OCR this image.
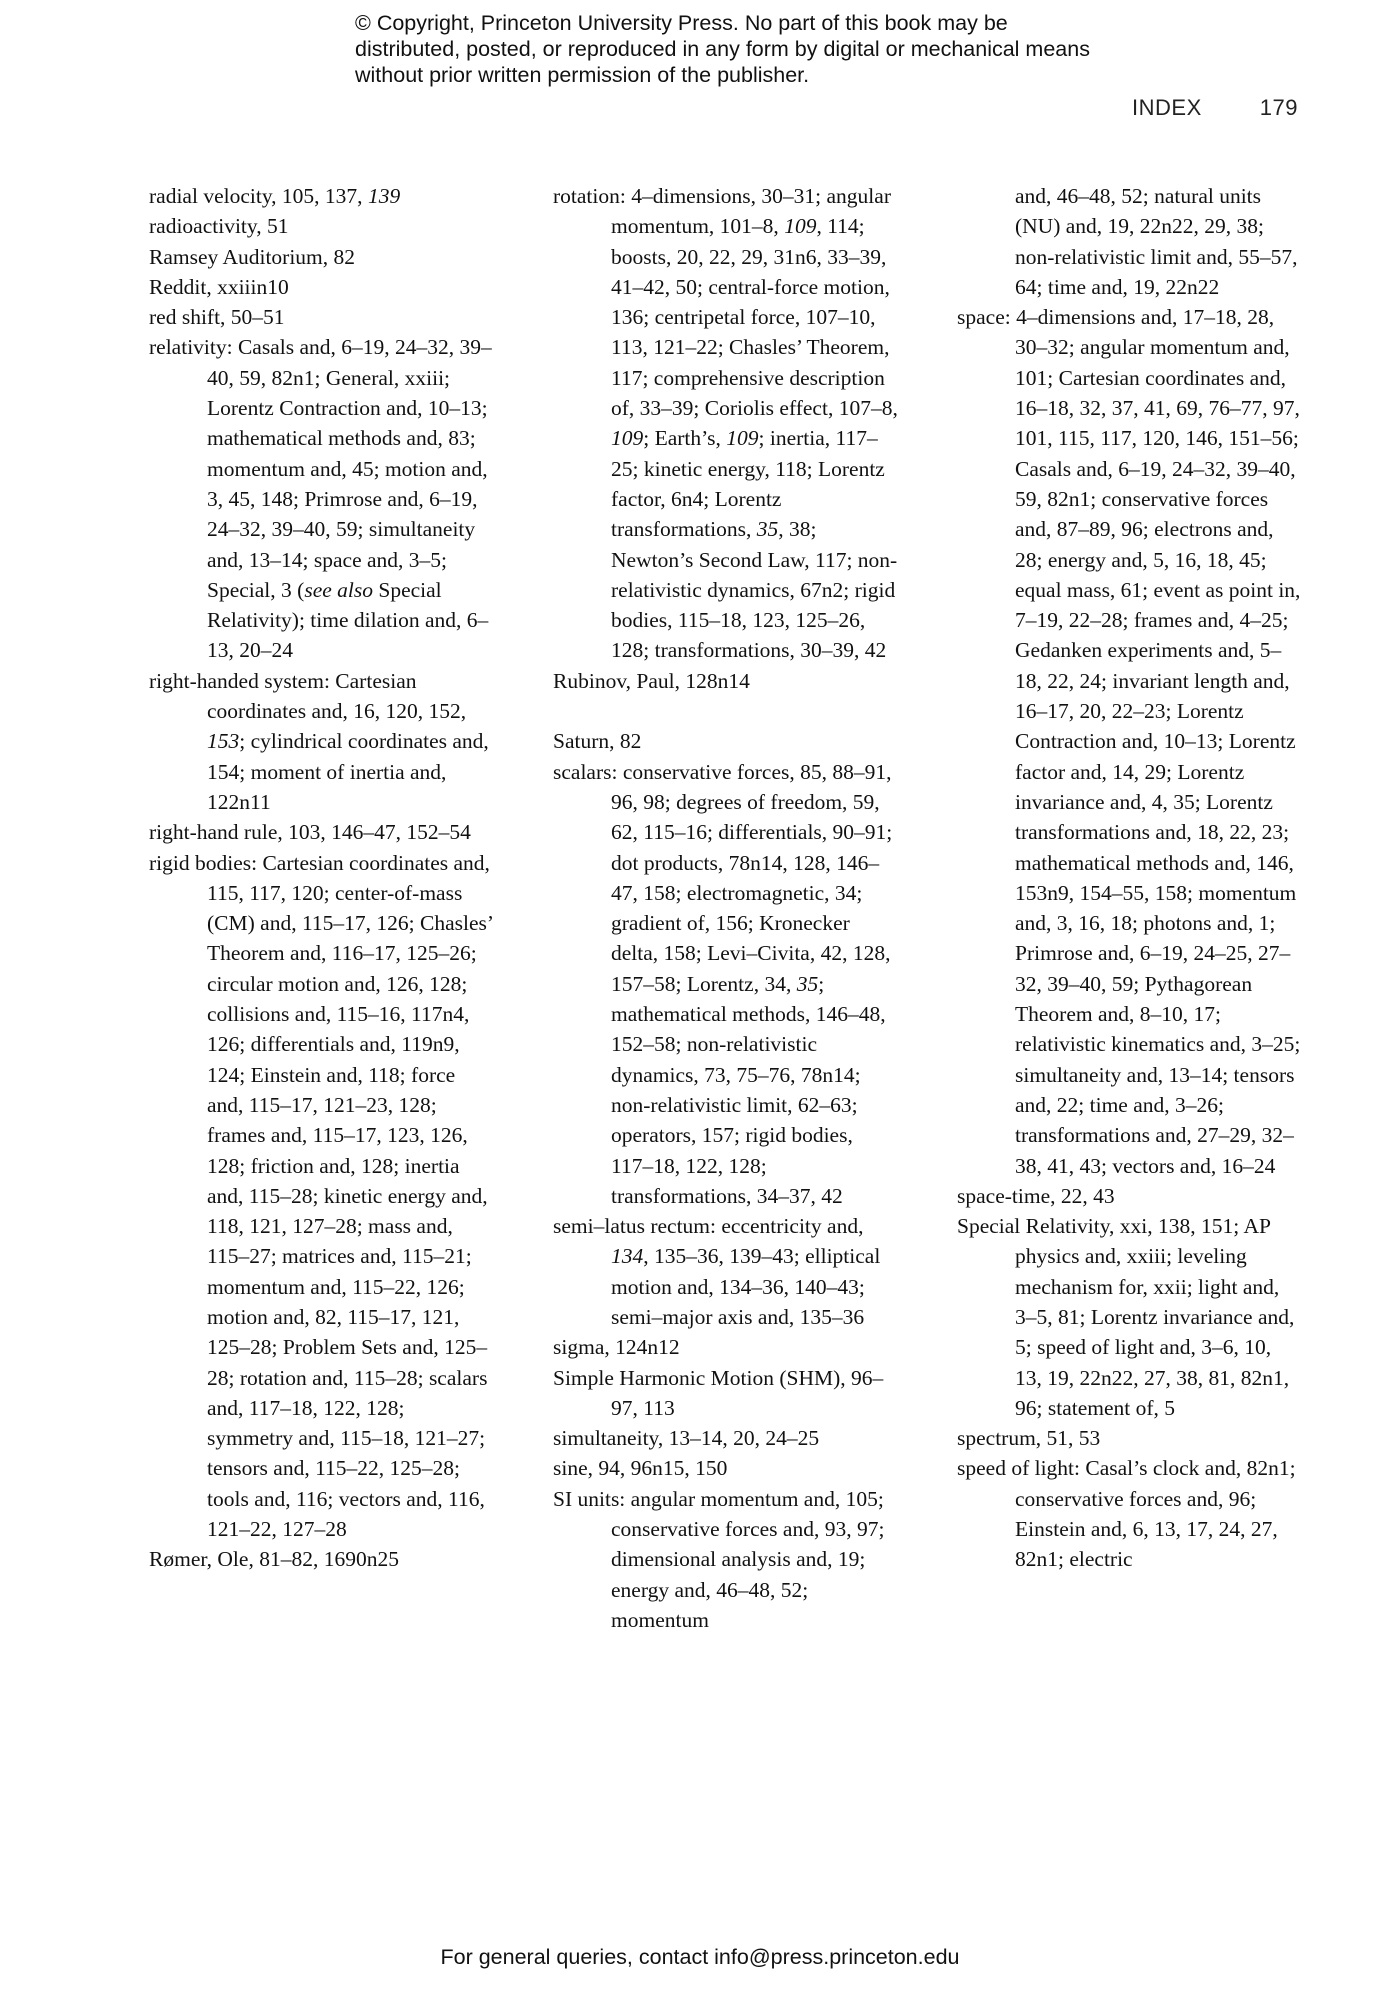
© Copyright, Princeton University Press. No part of this book may be distributed, posted, or reproduced in any form by digital or mechanical means without prior written permission of the publisher.
INDEX	179

radial velocity, 105, 137, 139

radioactivity, 51

Ramsey Auditorium, 82

Reddit, xxiiin10

red shift, 50–51

relativity: Casals and, 6–19, 24–32, 39–40, 59, 82n1; General, xxiii; Lorentz Contraction and, 10–13; mathematical methods and, 83; momentum and, 45; motion and, 3, 45, 148; Primrose and, 6–19, 24–32, 39–40, 59; simultaneity and, 13–14; space and, 3–5; Special, 3 (see also Special Relativity); time dilation and, 6–13, 20–24

right-handed system: Cartesian coordinates and, 16, 120, 152, 153; cylindrical coordinates and, 154; moment of inertia and, 122n11

right-hand rule, 103, 146–47, 152–54

rigid bodies: Cartesian coordinates and, 115, 117, 120; center-of-mass (CM) and, 115–17, 126; Chasles’ Theorem and, 116–17, 125–26; circular motion and, 126, 128; collisions and, 115–16, 117n4, 126; differentials and, 119n9, 124; Einstein and, 118; force and, 115–17, 121–23, 128; frames and, 115–17, 123, 126, 128; friction and, 128; inertia and, 115–28; kinetic energy and, 118, 121, 127–28; mass and, 115–27; matrices and, 115–21; momentum and, 115–22, 126; motion and, 82, 115–17, 121, 125–28; Problem Sets and, 125–28; rotation and, 115–28; scalars and, 117–18, 122, 128; symmetry and, 115–18, 121–27; tensors and, 115–22, 125–28; tools and, 116; vectors and, 116, 121–22, 127–28

Rømer, Ole, 81–82, 1690n25

rotation: 4–dimensions, 30–31; angular momentum, 101–8, 109, 114; boosts, 20, 22, 29, 31n6, 33–39, 41–42, 50; central-force motion, 136; centripetal force, 107–10, 113, 121–22; Chasles’ Theorem, 117; comprehensive description of, 33–39; Coriolis effect, 107–8, 109; Earth’s, 109; inertia, 117–25; kinetic energy, 118; Lorentz factor, 6n4; Lorentz transformations, 35, 38; Newton’s Second Law, 117; non-relativistic dynamics, 67n2; rigid bodies, 115–18, 123, 125–26, 128; transformations, 30–39, 42

Rubinov, Paul, 128n14

Saturn, 82

scalars: conservative forces, 85, 88–91, 96, 98; degrees of freedom, 59, 62, 115–16; differentials, 90–91; dot products, 78n14, 128, 146–47, 158; electromagnetic, 34; gradient of, 156; Kronecker delta, 158; Levi–Civita, 42, 128, 157–58; Lorentz, 34, 35; mathematical methods, 146–48, 152–58; non-relativistic dynamics, 73, 75–76, 78n14; non-relativistic limit, 62–63; operators, 157; rigid bodies, 117–18, 122, 128; transformations, 34–37, 42

semi–latus rectum: eccentricity and, 134, 135–36, 139–43; elliptical motion and, 134–36, 140–43; semi–major axis and, 135–36

sigma, 124n12

Simple Harmonic Motion (SHM), 96–97, 113

simultaneity, 13–14, 20, 24–25

sine, 94, 96n15, 150

SI units: angular momentum and, 105; conservative forces and, 93, 97; dimensional analysis and, 19; energy and, 46–48, 52; momentum

and, 46–48, 52; natural units (NU) and, 19, 22n22, 29, 38; non-relativistic limit and, 55–57, 64; time and, 19, 22n22

space: 4–dimensions and, 17–18, 28, 30–32; angular momentum and, 101; Cartesian coordinates and, 16–18, 32, 37, 41, 69, 76–77, 97, 101, 115, 117, 120, 146, 151–56; Casals and, 6–19, 24–32, 39–40, 59, 82n1; conservative forces and, 87–89, 96; electrons and, 28; energy and, 5, 16, 18, 45; equal mass, 61; event as point in, 7–19, 22–28; frames and, 4–25; Gedanken experiments and, 5–18, 22, 24; invariant length and, 16–17, 20, 22–23; Lorentz Contraction and, 10–13; Lorentz factor and, 14, 29; Lorentz invariance and, 4, 35; Lorentz transformations and, 18, 22, 23; mathematical methods and, 146, 153n9, 154–55, 158; momentum and, 3, 16, 18; photons and, 1; Primrose and, 6–19, 24–25, 27–32, 39–40, 59; Pythagorean Theorem and, 8–10, 17; relativistic kinematics and, 3–25; simultaneity and, 13–14; tensors and, 22; time and, 3–26; transformations and, 27–29, 32–38, 41, 43; vectors and, 16–24

space-time, 22, 43

Special Relativity, xxi, 138, 151; AP physics and, xxiii; leveling mechanism for, xxii; light and, 3–5, 81; Lorentz invariance and, 5; speed of light and, 3–6, 10, 13, 19, 22n22, 27, 38, 81, 82n1, 96; statement of, 5

spectrum, 51, 53

speed of light: Casal’s clock and, 82n1; conservative forces and, 96; Einstein and, 6, 13, 17, 24, 27, 82n1; electric

For general queries, contact info@press.princeton.edu
